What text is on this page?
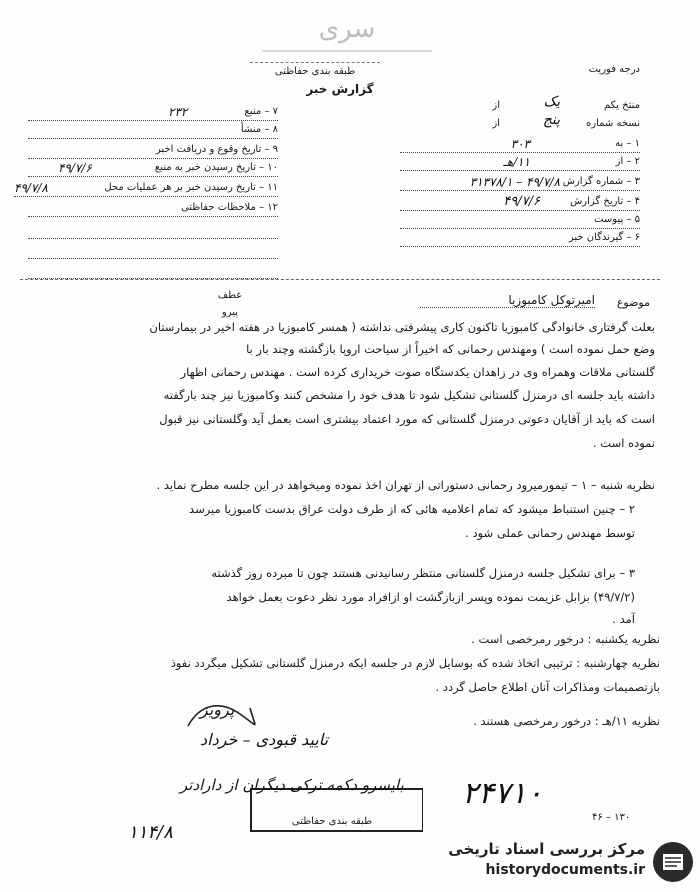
سری
طبقه بندی حفاظتی
گزارش خبر
درجه فوریت
منتخ یکم
یک
از
نسخه شماره
پنج
از
۱ – به
۳۰۳
۲ – از
۱۱/هـ
۳ – شماره گزارش
۴۹/۷/۸ – ۳۱۳۷۸/۱
۴ – تاریخ گزارش
۴۹/۷/۶
۵ – پیوست
۶ – گیرندگان خبر
۷ – منبع
۲۳۲
۸ – منشأ
۹ – تاریخ وقوع و دریافت اخبر
۱۰ – تاریخ رسیدن خبر به منبع
۴۹/۷/۶
۱۱ – تاریخ رسیدن خبر بر هر عملیات محل
۴۹/۷/۸
۱۲ – ملاحظات حفاظتی
عطف
پیرو
موضوع
امیرتوکل کامبوزیا
بعلت گرفتاری خانوادگی کامبوزیا تاکنون کاری پیشرفتی نداشته ( همسر کامبوزیا در هفته اخیر در بیمارستان
وضع حمل نموده است ) ومهندس رحمانی که اخیراً از سیاحت اروپا بازگشته وچند بار با
گلستانی ملاقات وهمراه وی در زاهدان یکدستگاه صوت خریداری کرده است . مهندس رحمانی اظهار
داشته باید جلسه ای درمنزل گلستانی تشکیل شود تا هدف خود را مشخص کنند وکامبوزیا نیز چند بارگفته
است که باید از آقایان دعوتی درمنزل گلستانی که مورد اعتماد بیشتری است بعمل آید وگلستانی نیز قبول
نموده است .
نظریه شنبه – ۱ – تیمورمیرود رحمانی دستوراتی از تهران اخذ نموده ومیخواهد در این جلسه مطرح نماید .
۲ – چنین استنباط میشود که تمام اعلامیه هائی که از طرف دولت عراق بدست کامبوزیا میرسد
توسط مهندس رحمانی عملی شود .
۳ – برای تشکیل جلسه درمنزل گلستانی منتظر رسانیدنی هستند چون تا مبرده روز گذشته
(۴۹/۷/۲) بزابل عزیمت نموده وپسر ازبازگشت او ازافراد مورد نظر دعوت بعمل خواهد
آمد .
نظریه یکشنبه : درخور رمرخصی است .
نظریه چهارشنبه : ترتیبی اتخاذ شده که بوسایل لازم در جلسه ایکه درمنزل گلستانی تشکیل میگردد نفوذ
بازتصمیمات ومذاکرات آنان اطلاع حاصل گردد .
نظریه ۱۱/هـ : درخور رمرخصی هستند .
پرویز
تایید قبودی – خرداد
بایسرو دکمه ترکی دیگران از دارادتر
طبقه بندی حفاظتی
۲۴۷۱۰
۱۱۴/۸
۴۶ – ۱۳۰
مرکز بررسی اسناد تاریخی
historydocuments.ir
